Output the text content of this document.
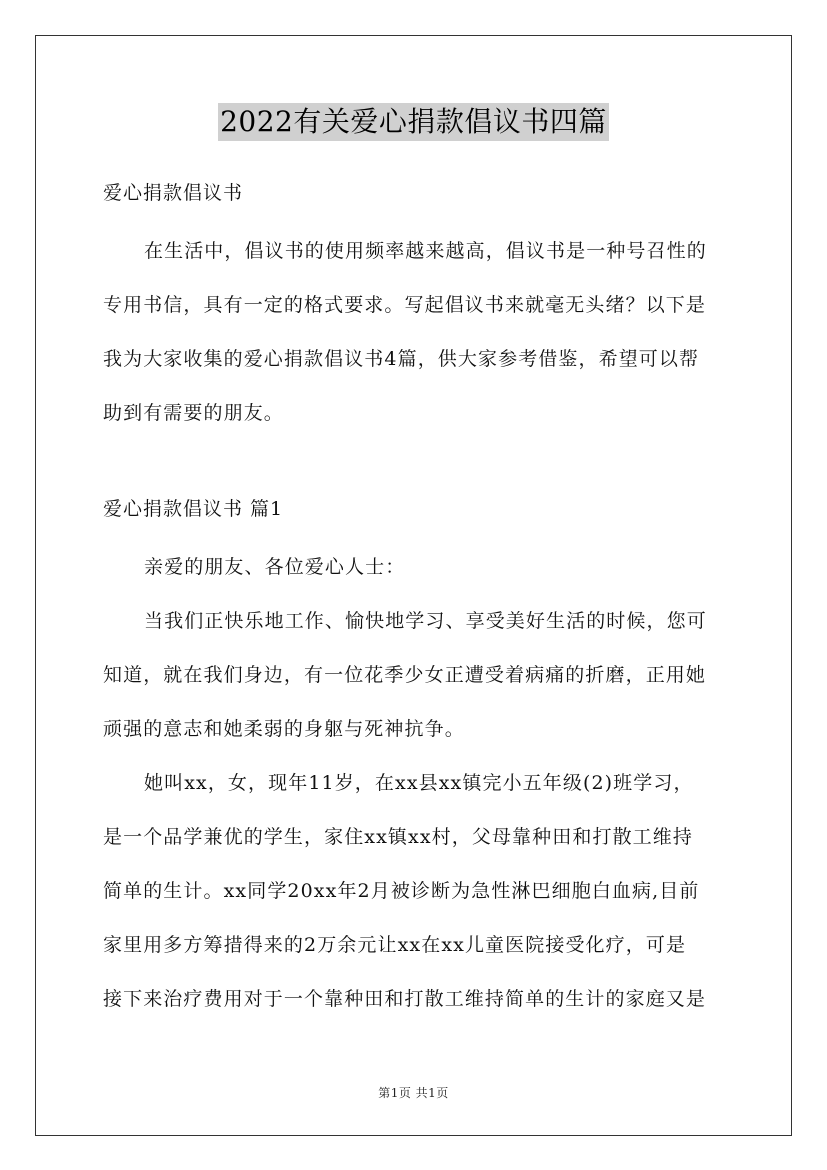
2022有关爱心捐款倡议书四篇
爱心捐款倡议书
在生活中，倡议书的使用频率越来越高，倡议书是一种号召性的
专用书信，具有一定的格式要求。写起倡议书来就毫无头绪？以下是
我为大家收集的爱心捐款倡议书4篇，供大家参考借鉴，希望可以帮
助到有需要的朋友。
爱心捐款倡议书 篇1
亲爱的朋友、各位爱心人士：
当我们正快乐地工作、愉快地学习、享受美好生活的时候，您可
知道，就在我们身边，有一位花季少女正遭受着病痛的折磨，正用她
顽强的意志和她柔弱的身躯与死神抗争。
她叫xx，女，现年11岁，在xx县xx镇完小五年级(2)班学习，
是一个品学兼优的学生，家住xx镇xx村，父母靠种田和打散工维持
简单的生计。xx同学20xx年2月被诊断为急性淋巴细胞白血病,目前
家里用多方筹措得来的2万余元让xx在xx儿童医院接受化疗，可是
接下来治疗费用对于一个靠种田和打散工维持简单的生计的家庭又是
第1页 共1页
